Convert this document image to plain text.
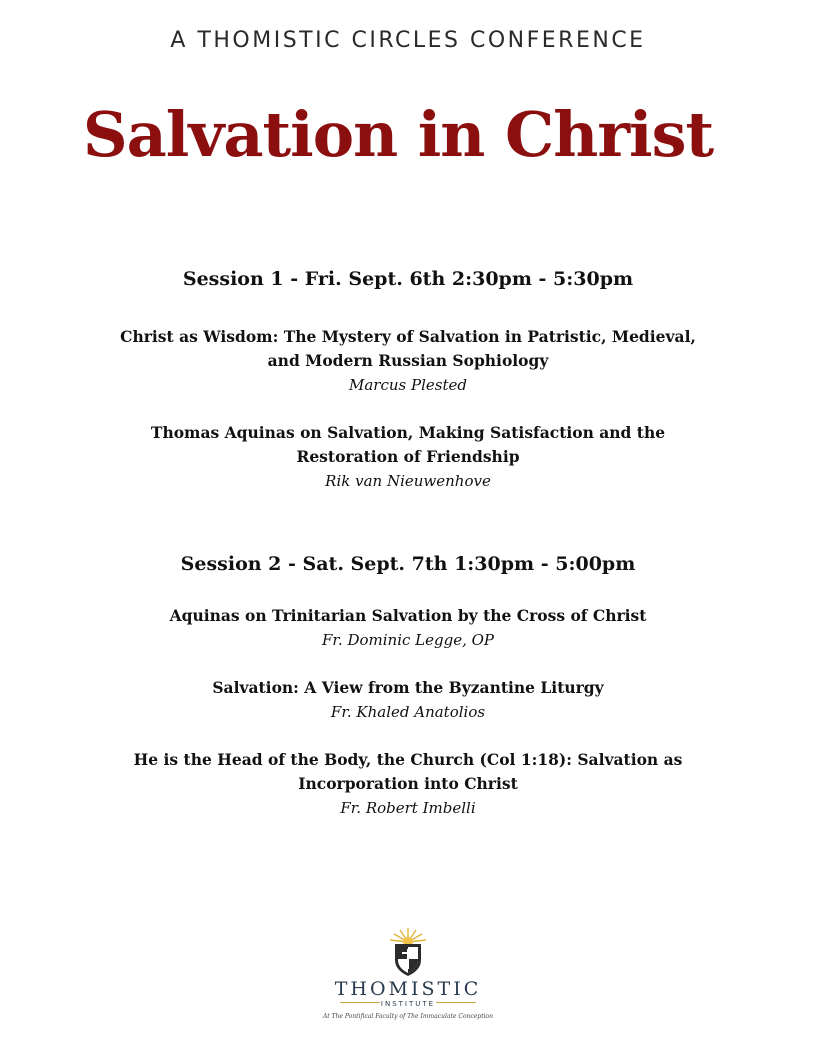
A THOMISTIC CIRCLES CONFERENCE
Salvation in Christ
Session 1 - Fri. Sept. 6th 2:30pm - 5:30pm
Christ as Wisdom: The Mystery of Salvation in Patristic, Medieval,
and Modern Russian Sophiology
Marcus Plested
Thomas Aquinas on Salvation, Making Satisfaction and the
Restoration of Friendship
Rik van Nieuwenhove
Session 2 - Sat. Sept. 7th 1:30pm - 5:00pm
Aquinas on Trinitarian Salvation by the Cross of Christ
Fr. Dominic Legge, OP
Salvation: A View from the Byzantine Liturgy
Fr. Khaled Anatolios
He is the Head of the Body, the Church (Col 1:18): Salvation as
Incorporation into Christ
Fr. Robert Imbelli
THOMISTIC
INSTITUTE
At The Pontifical Faculty of The Immaculate Conception
